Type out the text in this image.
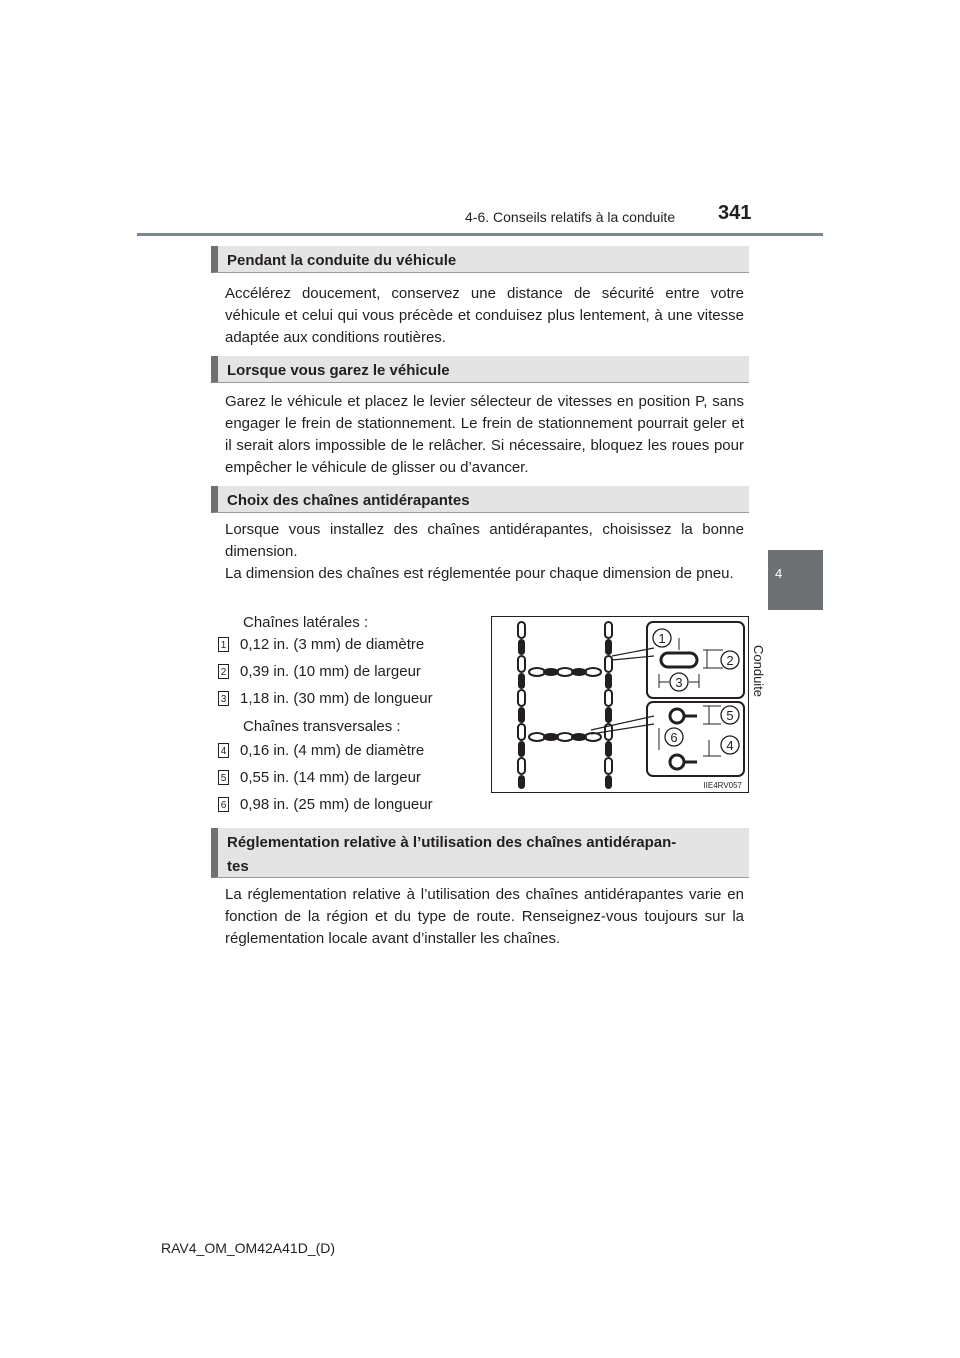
4-6. Conseils relatifs à la conduite 341
4
Conduite
Pendant la conduite du véhicule

Accélérez doucement, conservez une distance de sécurité entre votre véhicule et celui qui vous précède et conduisez plus lentement, à une vitesse adaptée aux conditions routières.

Lorsque vous garez le véhicule

Garez le véhicule et placez le levier sélecteur de vitesses en position P, sans engager le frein de stationnement. Le frein de stationnement pourrait geler et il serait alors impossible de le relâcher. Si nécessaire, bloquez les roues pour empêcher le véhicule de glisser ou d’avancer.

Choix des chaînes antidérapantes

Lorsque vous installez des chaînes antidérapantes, choisissez la bonne dimension.

La dimension des chaînes est réglementée pour chaque dimension de pneu.

Chaînes latérales :
1 0,12 in. (3 mm) de diamètre
2 0,39 in. (10 mm) de largeur
3 1,18 in. (30 mm) de longueur
Chaînes transversales :
4 0,16 in. (4 mm) de diamètre
5 0,55 in. (14 mm) de largeur
6 0,98 in. (25 mm) de longueur
1
2
3
4
5
6
IIE4RV057
Réglementation relative à l’utilisation des chaînes antidérapan-
tes

La réglementation relative à l’utilisation des chaînes antidérapantes varie en fonction de la région et du type de route. Renseignez-vous toujours sur la réglementation locale avant d’installer les chaînes.

RAV4_OM_OM42A41D_(D)
